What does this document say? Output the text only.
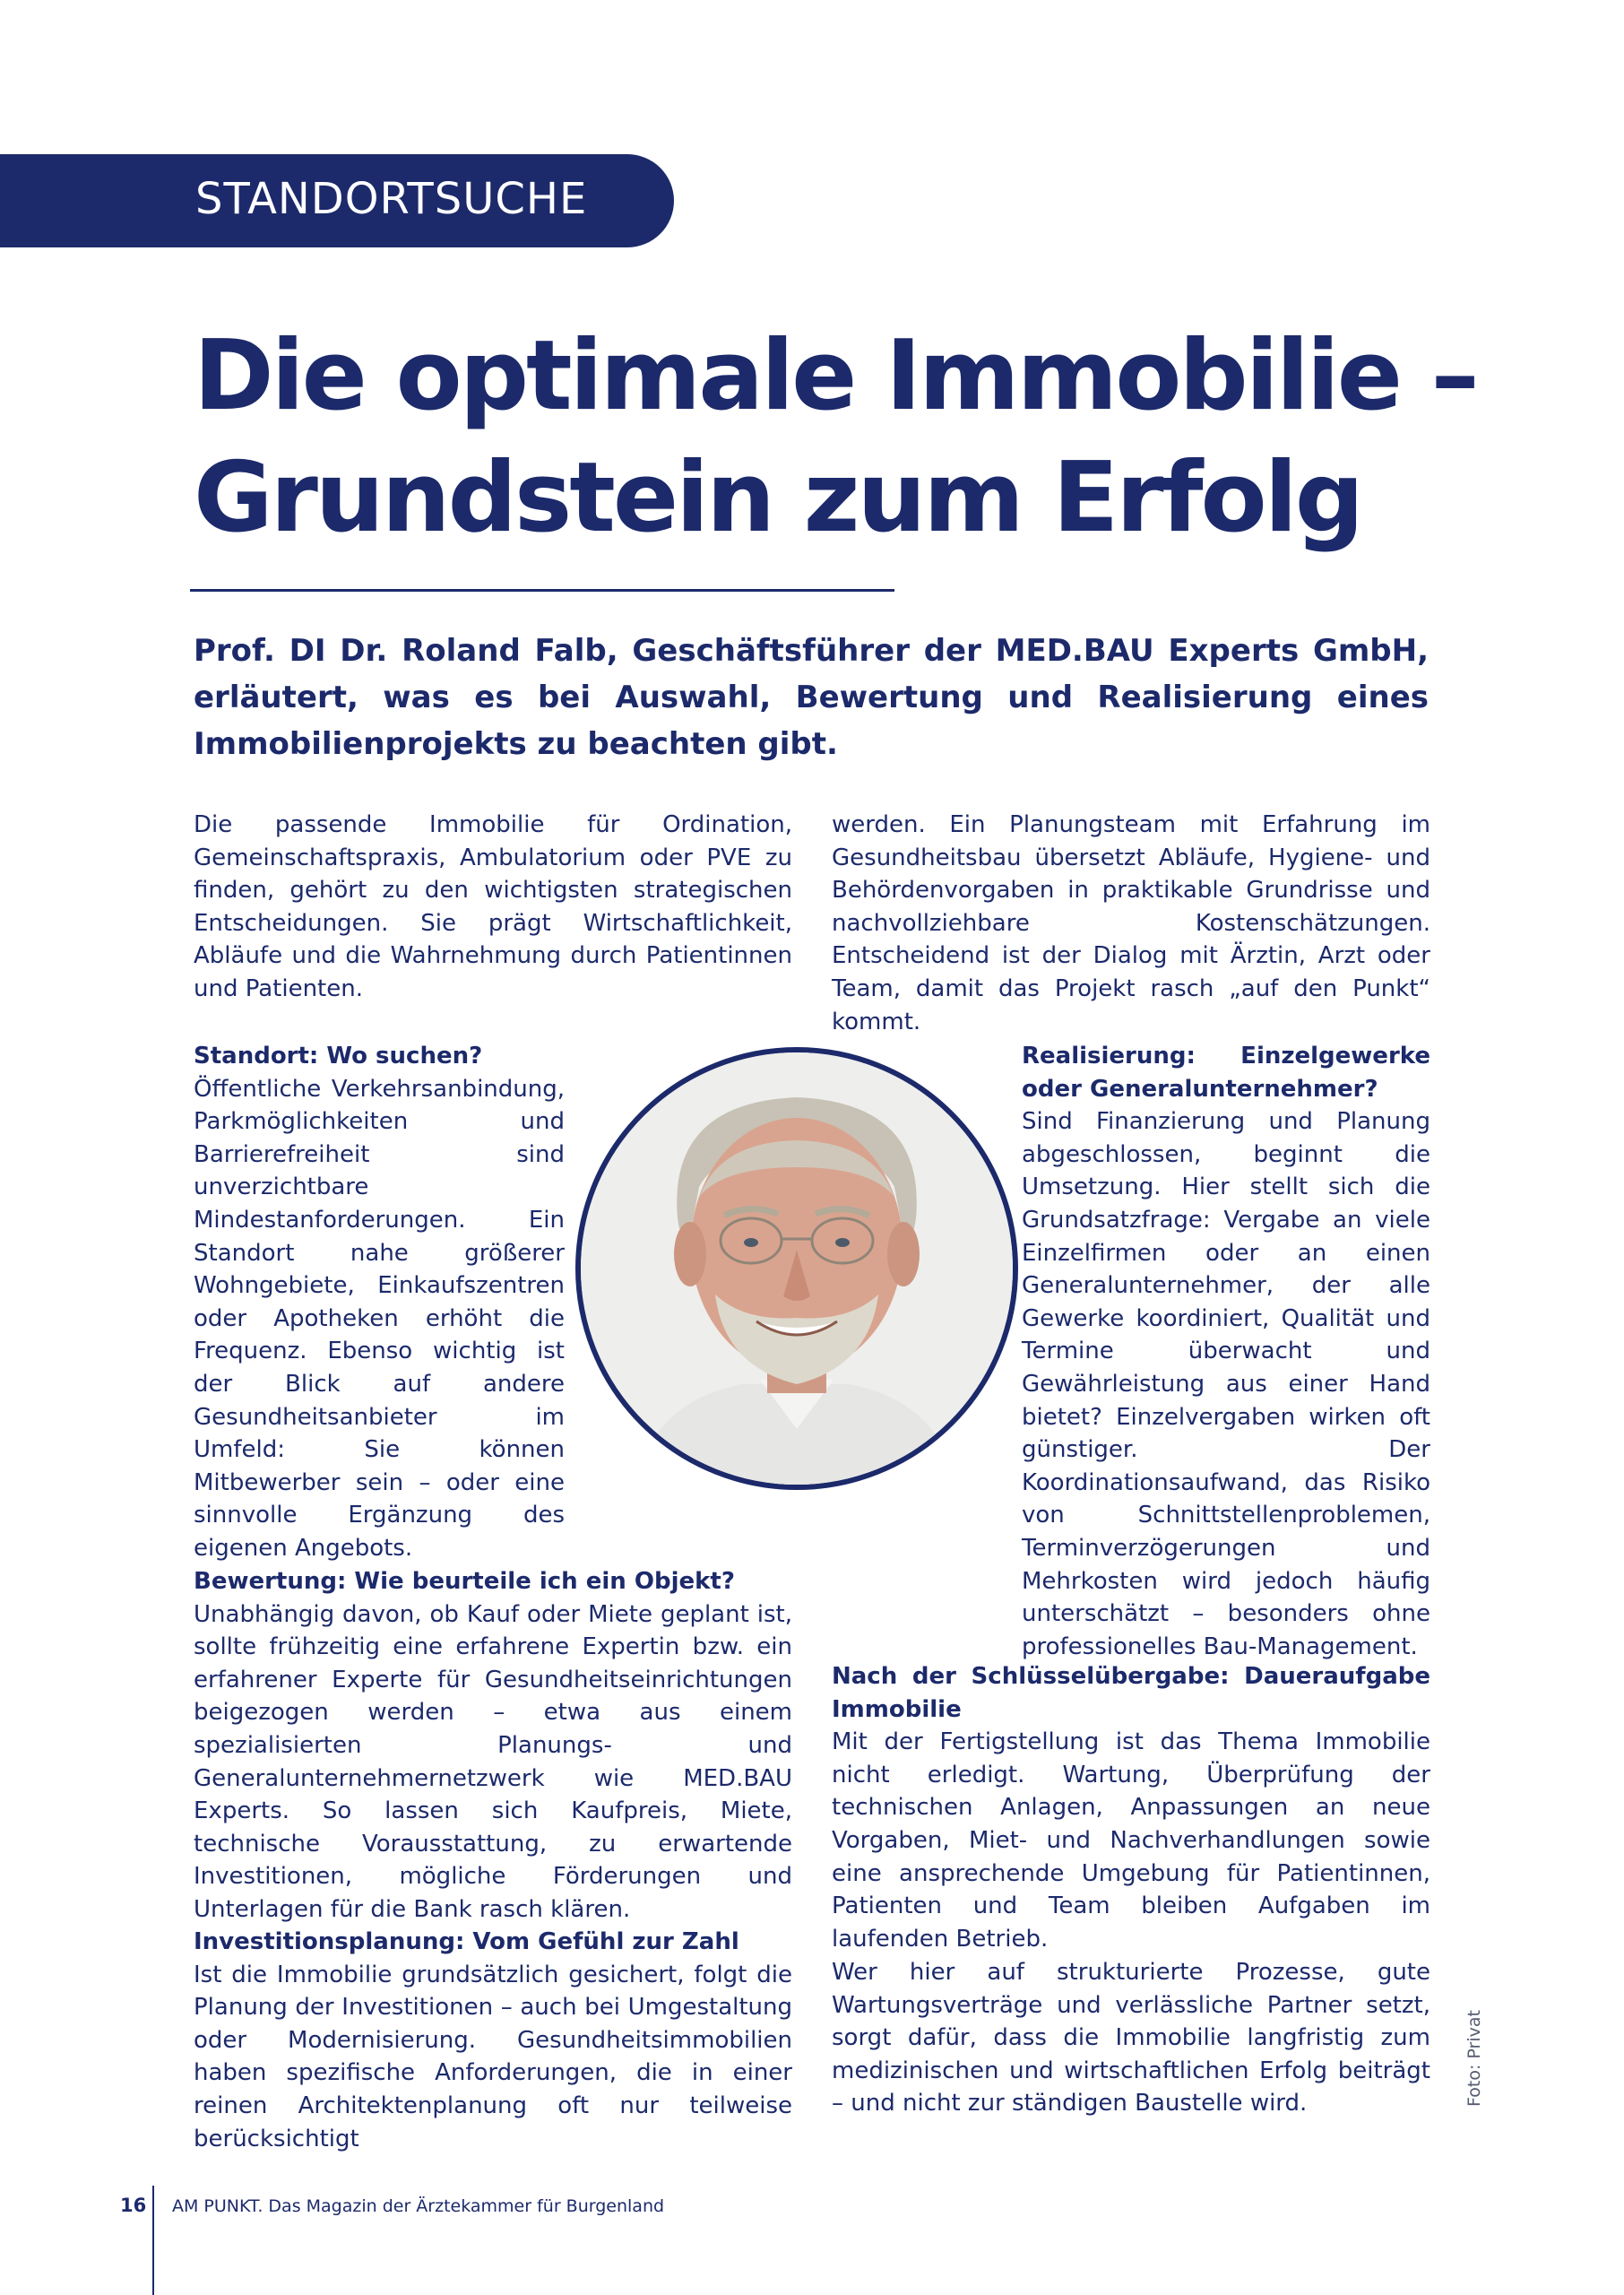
STANDORTSUCHE
Die optimale Immobilie –
Grundstein zum Erfolg

Prof. DI Dr. Roland Falb, Geschäftsführer der MED.BAU Experts GmbH, erläutert, was es bei Auswahl, Bewertung und Realisierung eines Immobilienprojekts zu beachten gibt.

Die passende Immobilie für Ordination, Gemeinschaftspraxis, Ambulatorium oder PVE zu finden, gehört zu den wichtigsten strategischen Entscheidungen. Sie prägt Wirtschaftlichkeit, Abläufe und die Wahrnehmung durch Patientinnen und Patienten.

werden. Ein Planungsteam mit Erfahrung im Gesundheitsbau übersetzt Abläufe, Hygiene- und Behördenvorgaben in praktikable Grundrisse und nachvollziehbare Kostenschätzungen. Entscheidend ist der Dialog mit Ärztin, Arzt oder Team, damit das Projekt rasch „auf den Punkt“ kommt.

Standort: Wo suchen?
Öffentliche Verkehrsanbindung, Parkmöglichkeiten und Barrierefreiheit sind unverzichtbare Mindestanforderungen. Ein Standort nahe größerer Wohngebiete, Einkaufszentren oder Apotheken erhöht die Frequenz. Ebenso wichtig ist der Blick auf andere Gesundheitsanbieter im Umfeld: Sie können Mitbewerber sein – oder eine sinnvolle Ergänzung des eigenen Angebots.
Bewertung: Wie beurteile ich ein Objekt?
Unabhängig davon, ob Kauf oder Miete geplant ist, sollte frühzeitig eine erfahrene Expertin bzw. ein erfahrener Experte für Gesundheitseinrichtungen beigezogen werden – etwa aus einem spezialisierten Planungs- und Generalunternehmernetzwerk wie MED.BAU Experts. So lassen sich Kaufpreis, Miete, technische Vorausstattung, zu erwartende Investitionen, mögliche Förderungen und Unterlagen für die Bank rasch klären.
Investitionsplanung: Vom Gefühl zur Zahl
Ist die Immobilie grundsätzlich gesichert, folgt die Planung der Investitionen – auch bei Umgestaltung oder Modernisierung. Gesundheitsimmobilien haben spezifische Anforderungen, die in einer reinen Architektenplanung oft nur teilweise berücksichtigt
Realisierung: Einzelgewerke oder Generalunternehmer?
Sind Finanzierung und Planung abgeschlossen, beginnt die Umsetzung. Hier stellt sich die Grundsatzfrage: Vergabe an viele Einzelfirmen oder an einen Generalunternehmer, der alle Gewerke koordiniert, Qualität und Termine überwacht und Gewährleistung aus einer Hand bietet? Einzelvergaben wirken oft günstiger. Der Koordinationsaufwand, das Risiko von Schnittstellenproblemen, Terminverzögerungen und Mehrkosten wird jedoch häufig unterschätzt – besonders ohne professionelles Bau-Management.
Nach der Schlüsselübergabe: Daueraufgabe Immobilie
Mit der Fertigstellung ist das Thema Immobilie nicht erledigt. Wartung, Überprüfung der technischen Anlagen, Anpassungen an neue Vorgaben, Miet- und Nachverhandlungen sowie eine ansprechende Umgebung für Patientinnen, Patienten und Team bleiben Aufgaben im laufenden Betrieb.

Wer hier auf strukturierte Prozesse, gute Wartungsverträge und verlässliche Partner setzt, sorgt dafür, dass die Immobilie langfristig zum medizinischen und wirtschaftlichen Erfolg beiträgt – und nicht zur ständigen Baustelle wird.	Foto: Privat
16 AM PUNKT. Das Magazin der Ärztekammer für Burgenland
